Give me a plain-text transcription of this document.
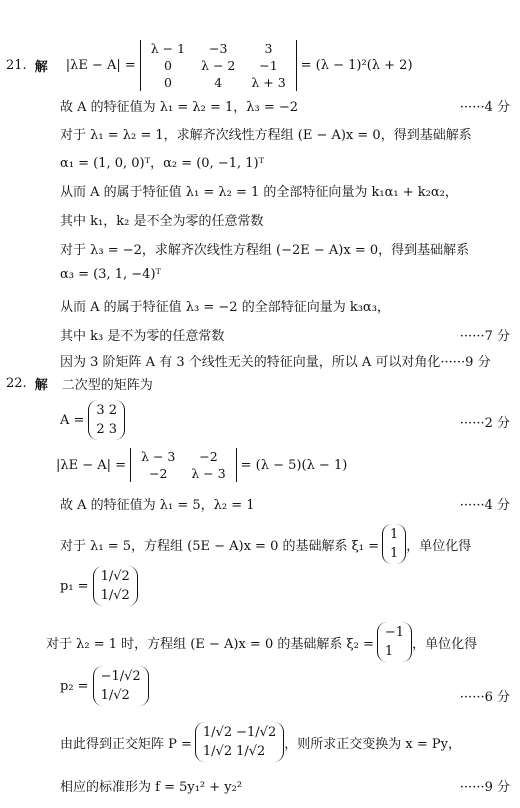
21. 解 |λE − A| =
λ − 1	−3	3
0	λ − 2	−1
0	4	λ + 3
= (λ − 1)²(λ + 2)
故 A 的特征值为 λ₁ = λ₂ = 1，λ₃ = −2	······4 分
对于 λ₁ = λ₂ = 1，求解齐次线性方程组 (E − A)x = 0，得到基础解系
α₁ = (1, 0, 0)ᵀ，α₂ = (0, −1, 1)ᵀ
从而 A 的属于特征值 λ₁ = λ₂ = 1 的全部特征向量为 k₁α₁ + k₂α₂，
其中 k₁，k₂ 是不全为零的任意常数
对于 λ₃ = −2，求解齐次线性方程组 (−2E − A)x = 0，得到基础解系
α₃ = (3, 1, −4)ᵀ
从而 A 的属于特征值 λ₃ = −2 的全部特征向量为 k₃α₃，
其中 k₃ 是不为零的任意常数	······7 分
因为 3 阶矩阵 A 有 3 个线性无关的特征向量，所以 A 可以对角化······9 分
22. 解 二次型的矩阵为
A =
3	2
2	3	······2 分
|λE − A| =
λ − 3	−2
−2	λ − 3
= (λ − 5)(λ − 1)
故 A 的特征值为 λ₁ = 5，λ₂ = 1	······4 分
对于 λ₁ = 5，方程组 (5E − A)x = 0 的基础解系 ξ₁ =
1
1 ，单位化得
p₁ =
1/√2
1/√2
对于 λ₂ = 1 时，方程组 (E − A)x = 0 的基础解系 ξ₂ =
−1
1 ，单位化得
p₂ =
−1/√2
1/√2	······6 分
由此得到正交矩阵 P =
1/√2	−1/√2
1/√2	1/√2 ，则所求正交变换为 x = Py，
相应的标准形为 f = 5y₁² + y₂²	······9 分
